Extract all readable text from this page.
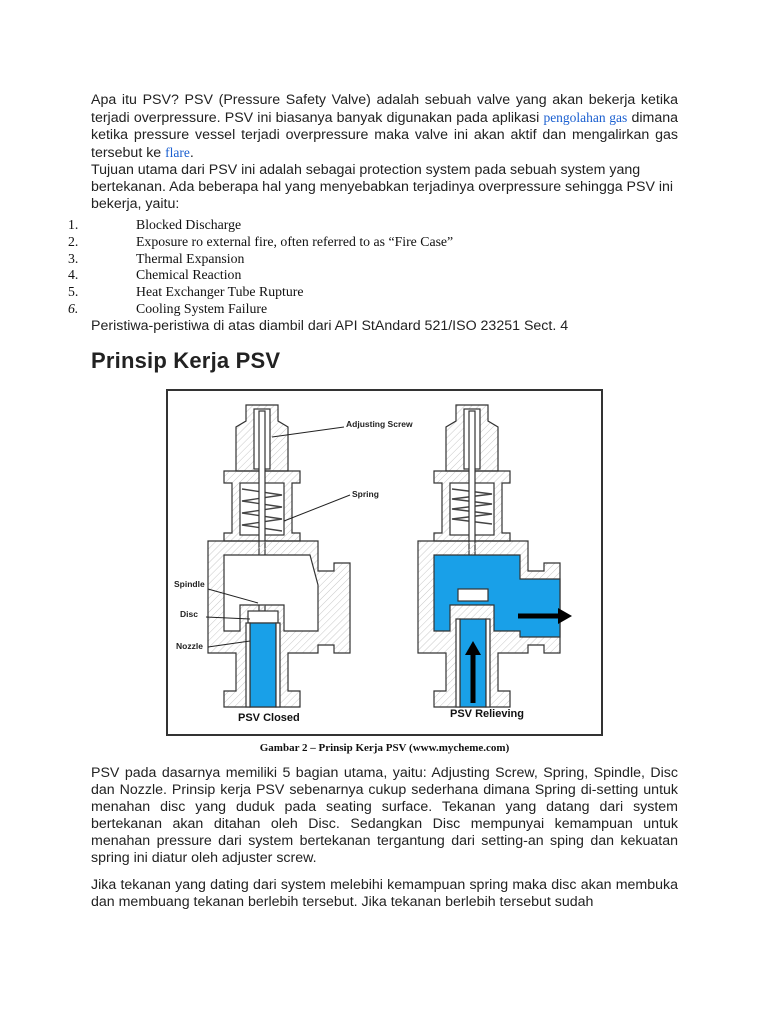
Apa itu PSV? PSV (Pressure Safety Valve) adalah sebuah valve yang akan bekerja ketika terjadi overpressure. PSV ini biasanya banyak digunakan pada aplikasi pengolahan gas dimana ketika pressure vessel terjadi overpressure maka valve ini akan aktif dan mengalirkan gas tersebut ke flare.

Tujuan utama dari PSV ini adalah sebagai protection system pada sebuah system yang bertekanan. Ada beberapa hal yang menyebabkan terjadinya overpressure sehingga PSV ini bekerja, yaitu:

1.	Blocked Discharge
2.	Exposure ro external fire, often referred to as “Fire Case”
3.	Thermal Expansion
4.	Chemical Reaction
5.	Heat Exchanger Tube Rupture
6.	Cooling System Failure

Peristiwa-peristiwa di atas diambil dari API StAndard 521/ISO 23251 Sect. 4

Prinsip Kerja PSV
Adjusting Screw
Spring
Spindle
Disc
Nozzle
PSV Closed	PSV Relieving
Gambar 2 – Prinsip Kerja PSV (www.mycheme.com)

PSV pada dasarnya memiliki 5 bagian utama, yaitu: Adjusting Screw, Spring, Spindle, Disc dan Nozzle. Prinsip kerja PSV sebenarnya cukup sederhana dimana Spring di-setting untuk menahan disc yang duduk pada seating surface. Tekanan yang datang dari system bertekanan akan ditahan oleh Disc. Sedangkan Disc mempunyai kemampuan untuk menahan pressure dari system bertekanan tergantung dari setting-an sping dan kekuatan spring ini diatur oleh adjuster screw.

Jika tekanan yang dating dari system melebihi kemampuan spring maka disc akan membuka dan membuang tekanan berlebih tersebut. Jika tekanan berlebih tersebut sudah
